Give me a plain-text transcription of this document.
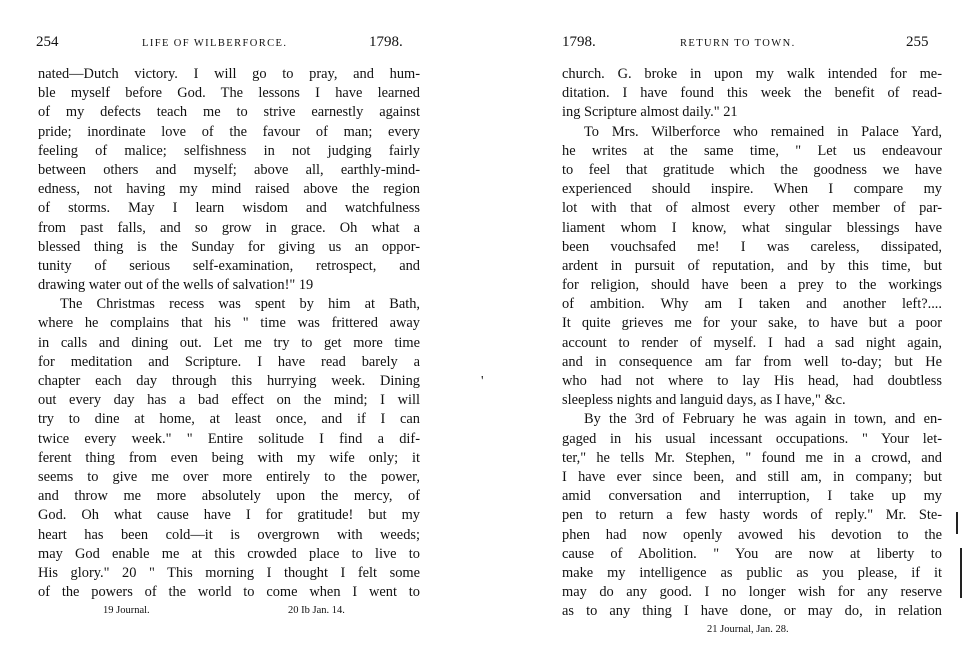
254	LIFE OF WILBERFORCE.	1798.
nated—Dutch victory. I will go to pray, and hum-
ble myself before God. The lessons I have learned
of my defects teach me to strive earnestly against
pride; inordinate love of the favour of man; every
feeling of malice; selfishness in not judging fairly
between others and myself; above all, earthly-mind-
edness, not having my mind raised above the region
of storms. May I learn wisdom and watchfulness
from past falls, and so grow in grace. Oh what a
blessed thing is the Sunday for giving us an oppor-
tunity of serious self-examination, retrospect, and
drawing water out of the wells of salvation!" 19
The Christmas recess was spent by him at Bath,
where he complains that his " time was frittered away
in calls and dining out. Let me try to get more time
for meditation and Scripture. I have read barely a
chapter each day through this hurrying week. Dining
out every day has a bad effect on the mind; I will
try to dine at home, at least once, and if I can
twice every week." " Entire solitude I find a dif-
ferent thing from even being with my wife only; it
seems to give me over more entirely to the power,
and throw me more absolutely upon the mercy, of
God. Oh what cause have I for gratitude! but my
heart has been cold—it is overgrown with weeds;
may God enable me at this crowded place to live to
His glory." 20 " This morning I thought I felt some
of the powers of the world to come when I went to
19 Journal.	20 Ib Jan. 14.
'
1798.	RETURN TO TOWN.	255
church. G. broke in upon my walk intended for me-
ditation. I have found this week the benefit of read-
ing Scripture almost daily." 21
To Mrs. Wilberforce who remained in Palace Yard,
he writes at the same time, " Let us endeavour
to feel that gratitude which the goodness we have
experienced should inspire. When I compare my
lot with that of almost every other member of par-
liament whom I know, what singular blessings have
been vouchsafed me! I was careless, dissipated,
ardent in pursuit of reputation, and by this time, but
for religion, should have been a prey to the workings
of ambition. Why am I taken and another left?....
It quite grieves me for your sake, to have but a poor
account to render of myself. I had a sad night again,
and in consequence am far from well to-day; but He
who had not where to lay His head, had doubtless
sleepless nights and languid days, as I have," &c.
By the 3rd of February he was again in town, and en-
gaged in his usual incessant occupations. " Your let-
ter," he tells Mr. Stephen, " found me in a crowd, and
I have ever since been, and still am, in company; but
amid conversation and interruption, I take up my
pen to return a few hasty words of reply." Mr. Ste-
phen had now openly avowed his devotion to the
cause of Abolition. " You are now at liberty to
make my intelligence as public as you please, if it
may do any good. I no longer wish for any reserve
as to any thing I have done, or may do, in relation
21 Journal, Jan. 28.
